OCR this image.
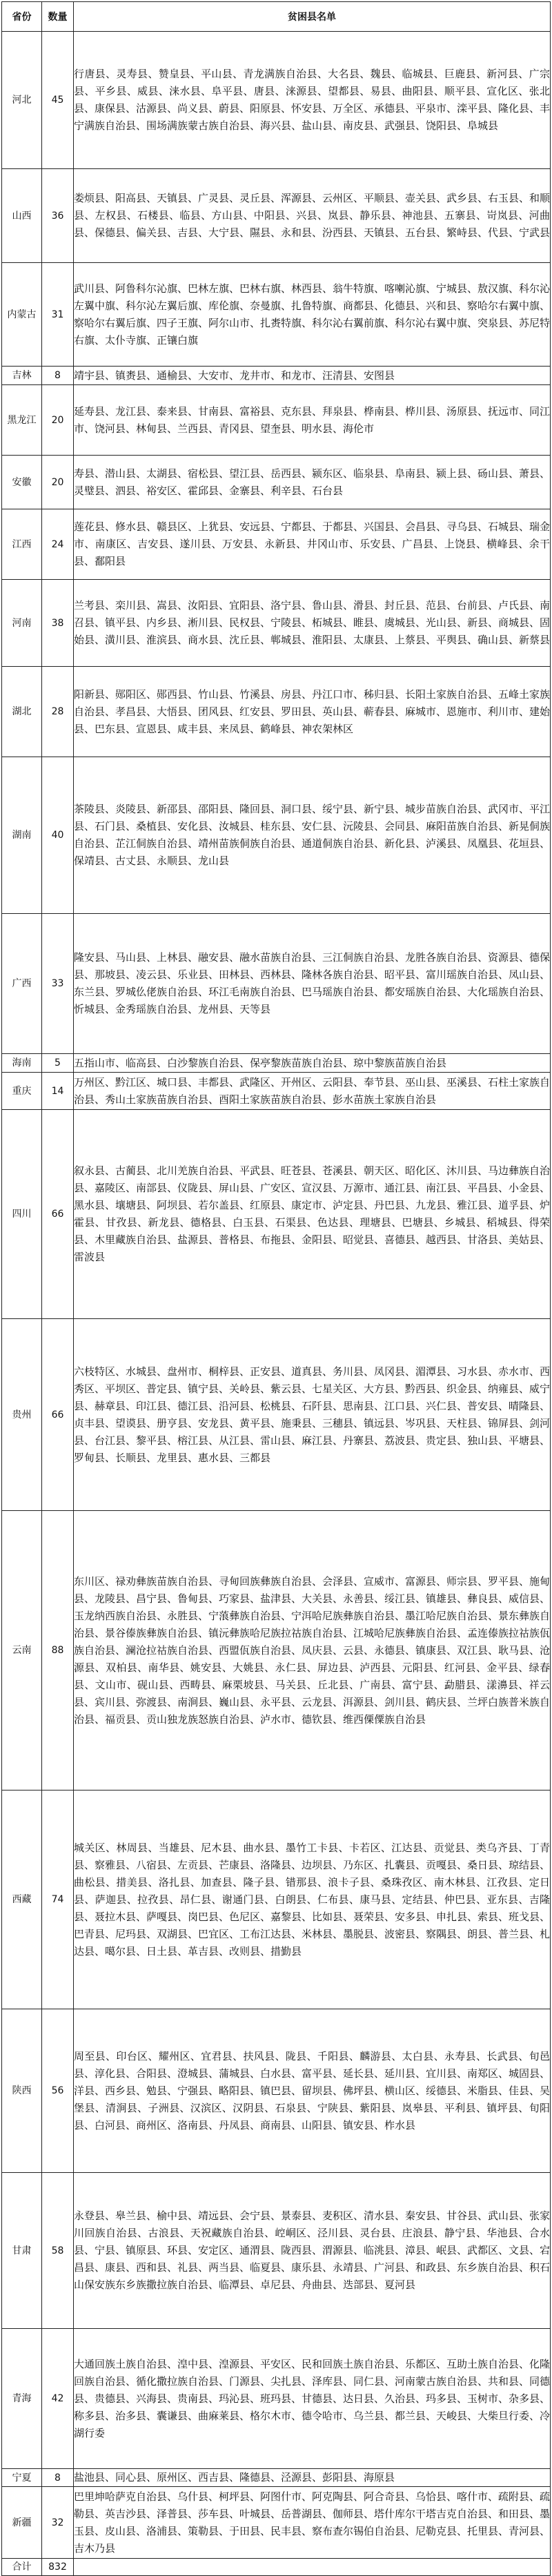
省份	数量	贫困县名单
河北	45	行唐县、灵寿县、赞皇县、平山县、青龙满族自治县、大名县、魏县、临城县、巨鹿县、新河县、广宗县、平乡县、威县、涞水县、阜平县、唐县、涞源县、望都县、易县、曲阳县、顺平县、宣化区、张北县、康保县、沽源县、尚义县、蔚县、阳原县、怀安县、万全区、承德县、平泉市、滦平县、隆化县、丰宁满族自治县、围场满族蒙古族自治县、海兴县、盐山县、南皮县、武强县、饶阳县、阜城县
山西	36	娄烦县、阳高县、天镇县、广灵县、灵丘县、浑源县、云州区、平顺县、壶关县、武乡县、右玉县、和顺县、左权县、石楼县、临县、方山县、中阳县、兴县、岚县、静乐县、神池县、五寨县、岢岚县、河曲县、保德县、偏关县、吉县、大宁县、隰县、永和县、汾西县、天镇县、五台县、繁峙县、代县、宁武县
内蒙古	31	武川县、阿鲁科尔沁旗、巴林左旗、巴林右旗、林西县、翁牛特旗、喀喇沁旗、宁城县、敖汉旗、科尔沁左翼中旗、科尔沁左翼后旗、库伦旗、奈曼旗、扎鲁特旗、商都县、化德县、兴和县、察哈尔右翼中旗、察哈尔右翼后旗、四子王旗、阿尔山市、扎赉特旗、科尔沁右翼前旗、科尔沁右翼中旗、突泉县、苏尼特右旗、太仆寺旗、正镶白旗
吉林	8	靖宇县、镇赉县、通榆县、大安市、龙井市、和龙市、汪清县、安图县
黑龙江	20	延寿县、龙江县、泰来县、甘南县、富裕县、克东县、拜泉县、桦南县、桦川县、汤原县、抚远市、同江市、饶河县、林甸县、兰西县、青冈县、望奎县、明水县、海伦市
安徽	20	寿县、潜山县、太湖县、宿松县、望江县、岳西县、颍东区、临泉县、阜南县、颍上县、砀山县、萧县、灵璧县、泗县、裕安区、霍邱县、金寨县、利辛县、石台县
江西	24	莲花县、修水县、赣县区、上犹县、安远县、宁都县、于都县、兴国县、会昌县、寻乌县、石城县、瑞金市、南康区、吉安县、遂川县、万安县、永新县、井冈山市、乐安县、广昌县、上饶县、横峰县、余干县、鄱阳县
河南	38	兰考县、栾川县、嵩县、汝阳县、宜阳县、洛宁县、鲁山县、滑县、封丘县、范县、台前县、卢氏县、南召县、镇平县、内乡县、淅川县、民权县、宁陵县、柘城县、睢县、虞城县、光山县、新县、商城县、固始县、潢川县、淮滨县、商水县、沈丘县、郸城县、淮阳县、太康县、上蔡县、平舆县、确山县、新蔡县
湖北	28	阳新县、郧阳区、郧西县、竹山县、竹溪县、房县、丹江口市、秭归县、长阳土家族自治县、五峰土家族自治县、孝昌县、大悟县、团风县、红安县、罗田县、英山县、蕲春县、麻城市、恩施市、利川市、建始县、巴东县、宣恩县、咸丰县、来凤县、鹤峰县、神农架林区
湖南	40	茶陵县、炎陵县、新邵县、邵阳县、隆回县、洞口县、绥宁县、新宁县、城步苗族自治县、武冈市、平江县、石门县、桑植县、安化县、汝城县、桂东县、安仁县、沅陵县、会同县、麻阳苗族自治县、新晃侗族自治县、芷江侗族自治县、靖州苗族侗族自治县、通道侗族自治县、新化县、泸溪县、凤凰县、花垣县、保靖县、古丈县、永顺县、龙山县
广西	33	隆安县、马山县、上林县、融安县、融水苗族自治县、三江侗族自治县、龙胜各族自治县、资源县、德保县、那坡县、凌云县、乐业县、田林县、西林县、隆林各族自治县、昭平县、富川瑶族自治县、凤山县、东兰县、罗城仫佬族自治县、环江毛南族自治县、巴马瑶族自治县、都安瑶族自治县、大化瑶族自治县、忻城县、金秀瑶族自治县、龙州县、天等县
海南	5	五指山市、临高县、白沙黎族自治县、保亭黎族苗族自治县、琼中黎族苗族自治县
重庆	14	万州区、黔江区、城口县、丰都县、武隆区、开州区、云阳县、奉节县、巫山县、巫溪县、石柱土家族自治县、秀山土家族苗族自治县、酉阳土家族苗族自治县、彭水苗族土家族自治县
四川	66	叙永县、古蔺县、北川羌族自治县、平武县、旺苍县、苍溪县、朝天区、昭化区、沐川县、马边彝族自治县、嘉陵区、南部县、仪陇县、屏山县、广安区、宣汉县、万源市、通江县、南江县、平昌县、小金县、黑水县、壤塘县、阿坝县、若尔盖县、红原县、康定市、泸定县、丹巴县、九龙县、雅江县、道孚县、炉霍县、甘孜县、新龙县、德格县、白玉县、石渠县、色达县、理塘县、巴塘县、乡城县、稻城县、得荣县、木里藏族自治县、盐源县、普格县、布拖县、金阳县、昭觉县、喜德县、越西县、甘洛县、美姑县、雷波县
贵州	66	六枝特区、水城县、盘州市、桐梓县、正安县、道真县、务川县、凤冈县、湄潭县、习水县、赤水市、西秀区、平坝区、普定县、镇宁县、关岭县、紫云县、七星关区、大方县、黔西县、织金县、纳雍县、威宁县、赫章县、印江县、德江县、沿河县、松桃县、石阡县、思南县、江口县、兴仁县、普安县、晴隆县、贞丰县、望谟县、册亨县、安龙县、黄平县、施秉县、三穗县、镇远县、岑巩县、天柱县、锦屏县、剑河县、台江县、黎平县、榕江县、从江县、雷山县、麻江县、丹寨县、荔波县、贵定县、独山县、平塘县、罗甸县、长顺县、龙里县、惠水县、三都县
云南	88	东川区、禄劝彝族苗族自治县、寻甸回族彝族自治县、会泽县、宣威市、富源县、师宗县、罗平县、施甸县、龙陵县、昌宁县、鲁甸县、巧家县、盐津县、大关县、永善县、绥江县、镇雄县、彝良县、威信县、玉龙纳西族自治县、永胜县、宁蒗彝族自治县、宁洱哈尼族彝族自治县、墨江哈尼族自治县、景东彝族自治县、景谷傣族彝族自治县、镇沅彝族哈尼族拉祜族自治县、江城哈尼族彝族自治县、孟连傣族拉祜族佤族自治县、澜沧拉祜族自治县、西盟佤族自治县、凤庆县、云县、永德县、镇康县、双江县、耿马县、沧源县、双柏县、南华县、姚安县、大姚县、永仁县、屏边县、泸西县、元阳县、红河县、金平县、绿春县、文山市、砚山县、西畴县、麻栗坡县、马关县、丘北县、广南县、富宁县、勐腊县、漾濞县、祥云县、宾川县、弥渡县、南涧县、巍山县、永平县、云龙县、洱源县、剑川县、鹤庆县、兰坪白族普米族自治县、福贡县、贡山独龙族怒族自治县、泸水市、德钦县、维西傈僳族自治县
西藏	74	城关区、林周县、当雄县、尼木县、曲水县、墨竹工卡县、卡若区、江达县、贡觉县、类乌齐县、丁青县、察雅县、八宿县、左贡县、芒康县、洛隆县、边坝县、乃东区、扎囊县、贡嘎县、桑日县、琼结县、曲松县、措美县、洛扎县、加查县、隆子县、错那县、浪卡子县、桑珠孜区、南木林县、江孜县、定日县、萨迦县、拉孜县、昂仁县、谢通门县、白朗县、仁布县、康马县、定结县、仲巴县、亚东县、吉隆县、聂拉木县、萨嘎县、岗巴县、色尼区、嘉黎县、比如县、聂荣县、安多县、申扎县、索县、班戈县、巴青县、尼玛县、双湖县、巴宜区、工布江达县、米林县、墨脱县、波密县、察隅县、朗县、普兰县、札达县、噶尔县、日土县、革吉县、改则县、措勤县
陕西	56	周至县、印台区、耀州区、宜君县、扶风县、陇县、千阳县、麟游县、太白县、永寿县、长武县、旬邑县、淳化县、合阳县、澄城县、蒲城县、白水县、富平县、延长县、延川县、宜川县、南郑区、城固县、洋县、西乡县、勉县、宁强县、略阳县、镇巴县、留坝县、佛坪县、横山区、绥德县、米脂县、佳县、吴堡县、清涧县、子洲县、汉滨区、汉阴县、石泉县、宁陕县、紫阳县、岚皋县、平利县、镇坪县、旬阳县、白河县、商州区、洛南县、丹凤县、商南县、山阳县、镇安县、柞水县
甘肃	58	永登县、皋兰县、榆中县、靖远县、会宁县、景泰县、麦积区、清水县、秦安县、甘谷县、武山县、张家川回族自治县、古浪县、天祝藏族自治县、崆峒区、泾川县、灵台县、庄浪县、静宁县、华池县、合水县、宁县、镇原县、环县、安定区、通渭县、陇西县、渭源县、临洮县、漳县、岷县、武都区、文县、宕昌县、康县、西和县、礼县、两当县、临夏县、康乐县、永靖县、广河县、和政县、东乡族自治县、积石山保安族东乡族撒拉族自治县、临潭县、卓尼县、舟曲县、迭部县、夏河县
青海	42	大通回族土族自治县、湟中县、湟源县、平安区、民和回族土族自治县、乐都区、互助土族自治县、化隆回族自治县、循化撒拉族自治县、门源县、尖扎县、泽库县、同仁县、河南蒙古族自治县、共和县、同德县、贵德县、兴海县、贵南县、玛沁县、班玛县、甘德县、达日县、久治县、玛多县、玉树市、杂多县、称多县、治多县、囊谦县、曲麻莱县、格尔木市、德令哈市、乌兰县、都兰县、天峻县、大柴旦行委、冷湖行委
宁夏	8	盐池县、同心县、原州区、西吉县、隆德县、泾源县、彭阳县、海原县
新疆	32	巴里坤哈萨克自治县、乌什县、柯坪县、阿图什市、阿克陶县、阿合奇县、乌恰县、喀什市、疏附县、疏勒县、英吉沙县、泽普县、莎车县、叶城县、岳普湖县、伽师县、塔什库尔干塔吉克自治县、和田县、墨玉县、皮山县、洛浦县、策勒县、于田县、民丰县、察布查尔锡伯自治县、尼勒克县、托里县、青河县、吉木乃县
合计	832	
